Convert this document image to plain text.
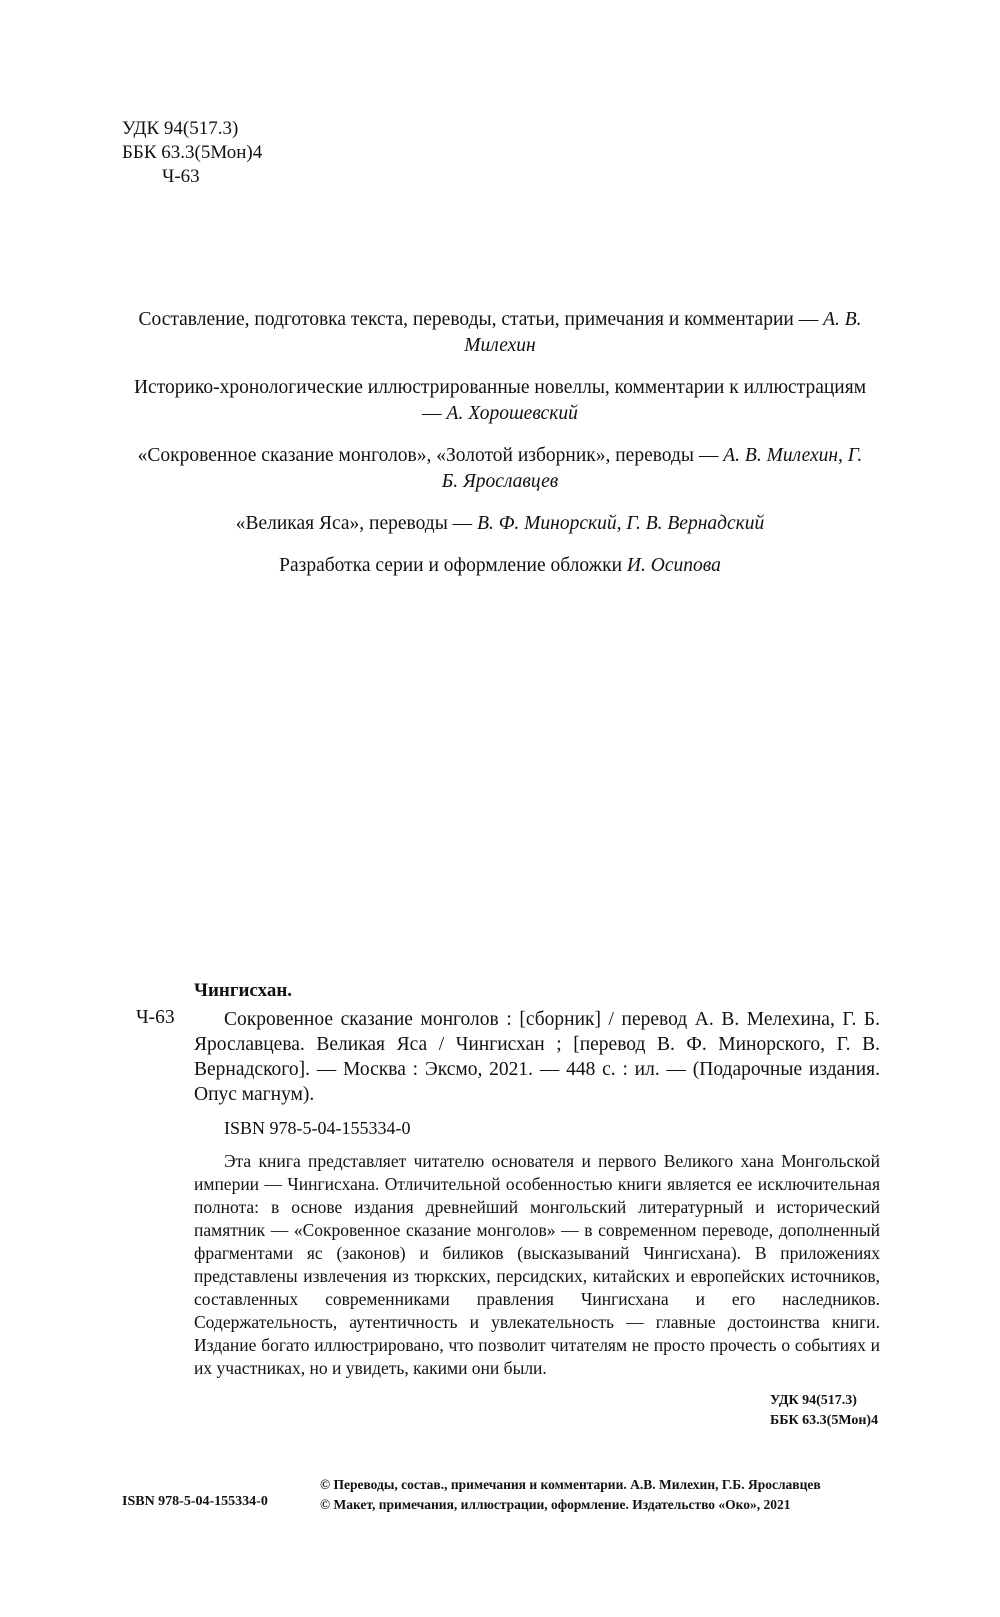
УДК 94(517.3)
ББК 63.3(5Мон)4
Ч-63
Составление, подготовка текста, переводы, статьи, примечания и комментарии — А. В. Милехин
Историко-хронологические иллюстрированные новеллы, комментарии к иллюстрациям — А. Хорошевский
«Сокровенное сказание монголов», «Золотой изборник», переводы — А. В. Милехин, Г. Б. Ярославцев
«Великая Яса», переводы — В. Ф. Минорский, Г. В. Вернадский
Разработка серии и оформление обложки И. Осипова
Чингисхан.
Ч-63	Сокровенное сказание монголов : [сборник] / перевод А. В. Мелехина, Г. Б. Ярославцева. Великая Яса / Чингисхан ; [перевод В. Ф. Минорского, Г. В. Вернадского]. — Москва : Эксмо, 2021. — 448 с. : ил. — (Подарочные издания. Опус магнум).
ISBN 978-5-04-155334-0
Эта книга представляет читателю основателя и первого Великого хана Монгольской империи — Чингисхана. Отличительной особенностью книги является ее исключительная полнота: в основе издания древнейший монгольский литературный и исторический памятник — «Сокровенное сказание монголов» — в современном переводе, дополненный фрагментами яс (законов) и биликов (высказываний Чингисхана). В приложениях представлены извлечения из тюркских, персидских, китайских и европейских источников, составленных современниками правления Чингисхана и его наследников. Содержательность, аутентичность и увлекательность — главные достоинства книги. Издание богато иллюстрировано, что позволит читателям не просто прочесть о событиях и их участниках, но и увидеть, какими они были.
УДК 94(517.3)
ББК 63.3(5Мон)4
ISBN 978-5-04-155334-0
© Переводы, состав., примечания и комментарии. А.В. Милехин, Г.Б. Ярославцев
© Макет, примечания, иллюстрации, оформление. Издательство «Око», 2021
